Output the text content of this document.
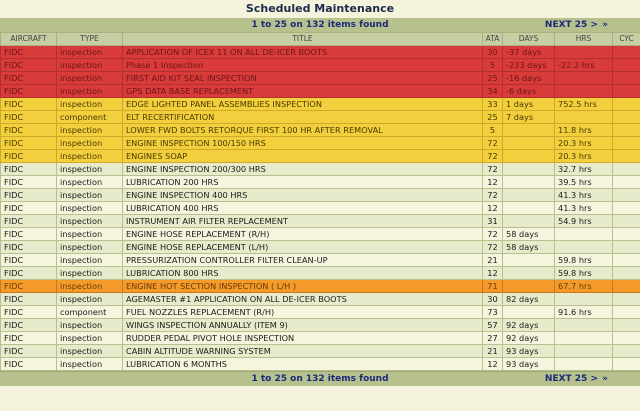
Scheduled Maintenance
1 to 25 on 132 items found	NEXT 25 > »
AIRCRAFT	TYPE	TITLE	ATA	DAYS	HRS	CYC
FIDC	inspection	APPLICATION OF ICEX 11 ON ALL DE-ICER BOOTS	30	-37 days		
FIDC	inspection	Phase 1 Inspection	5	-233 days	-22.2 hrs	
FIDC	inspection	FIRST AID KIT SEAL INSPECTION	25	-16 days		
FIDC	inspection	GPS DATA BASE REPLACEMENT	34	-6 days		
FIDC	inspection	EDGE LIGHTED PANEL ASSEMBLIES INSPECTION	33	1 days	752.5 hrs	
FIDC	component	ELT RECERTIFICATION	25	7 days		
FIDC	inspection	LOWER FWD BOLTS RETORQUE FIRST 100 HR AFTER REMOVAL	5		11.8 hrs	
FIDC	inspection	ENGINE INSPECTION 100/150 HRS	72		20.3 hrs	
FIDC	inspection	ENGINES SOAP	72		20.3 hrs	
FIDC	inspection	ENGINE INSPECTION 200/300 HRS	72		32.7 hrs	
FIDC	inspection	LUBRICATION 200 HRS	12		39.5 hrs	
FIDC	inspection	ENGINE INSPECTION 400 HRS	72		41.3 hrs	
FIDC	inspection	LUBRICATION 400 HRS	12		41.3 hrs	
FIDC	inspection	INSTRUMENT AIR FILTER REPLACEMENT	31		54.9 hrs	
FIDC	inspection	ENGINE HOSE REPLACEMENT (R/H)	72	58 days		
FIDC	inspection	ENGINE HOSE REPLACEMENT (L/H)	72	58 days		
FIDC	inspection	PRESSURIZATION CONTROLLER FILTER CLEAN-UP	21		59.8 hrs	
FIDC	inspection	LUBRICATION 800 HRS	12		59.8 hrs	
FIDC	inspection	ENGINE HOT SECTION INSPECTION ( L/H )	71		67.7 hrs	
FIDC	inspection	AGEMASTER #1 APPLICATION ON ALL DE-ICER BOOTS	30	82 days		
FIDC	component	FUEL NOZZLES REPLACEMENT (R/H)	73		91.6 hrs	
FIDC	inspection	WINGS INSPECTION ANNUALLY (ITEM 9)	57	92 days		
FIDC	inspection	RUDDER PEDAL PIVOT HOLE INSPECTION	27	92 days		
FIDC	inspection	CABIN ALTITUDE WARNING SYSTEM	21	93 days		
FIDC	inspection	LUBRICATION 6 MONTHS	12	93 days		
1 to 25 on 132 items found	NEXT 25 > »
